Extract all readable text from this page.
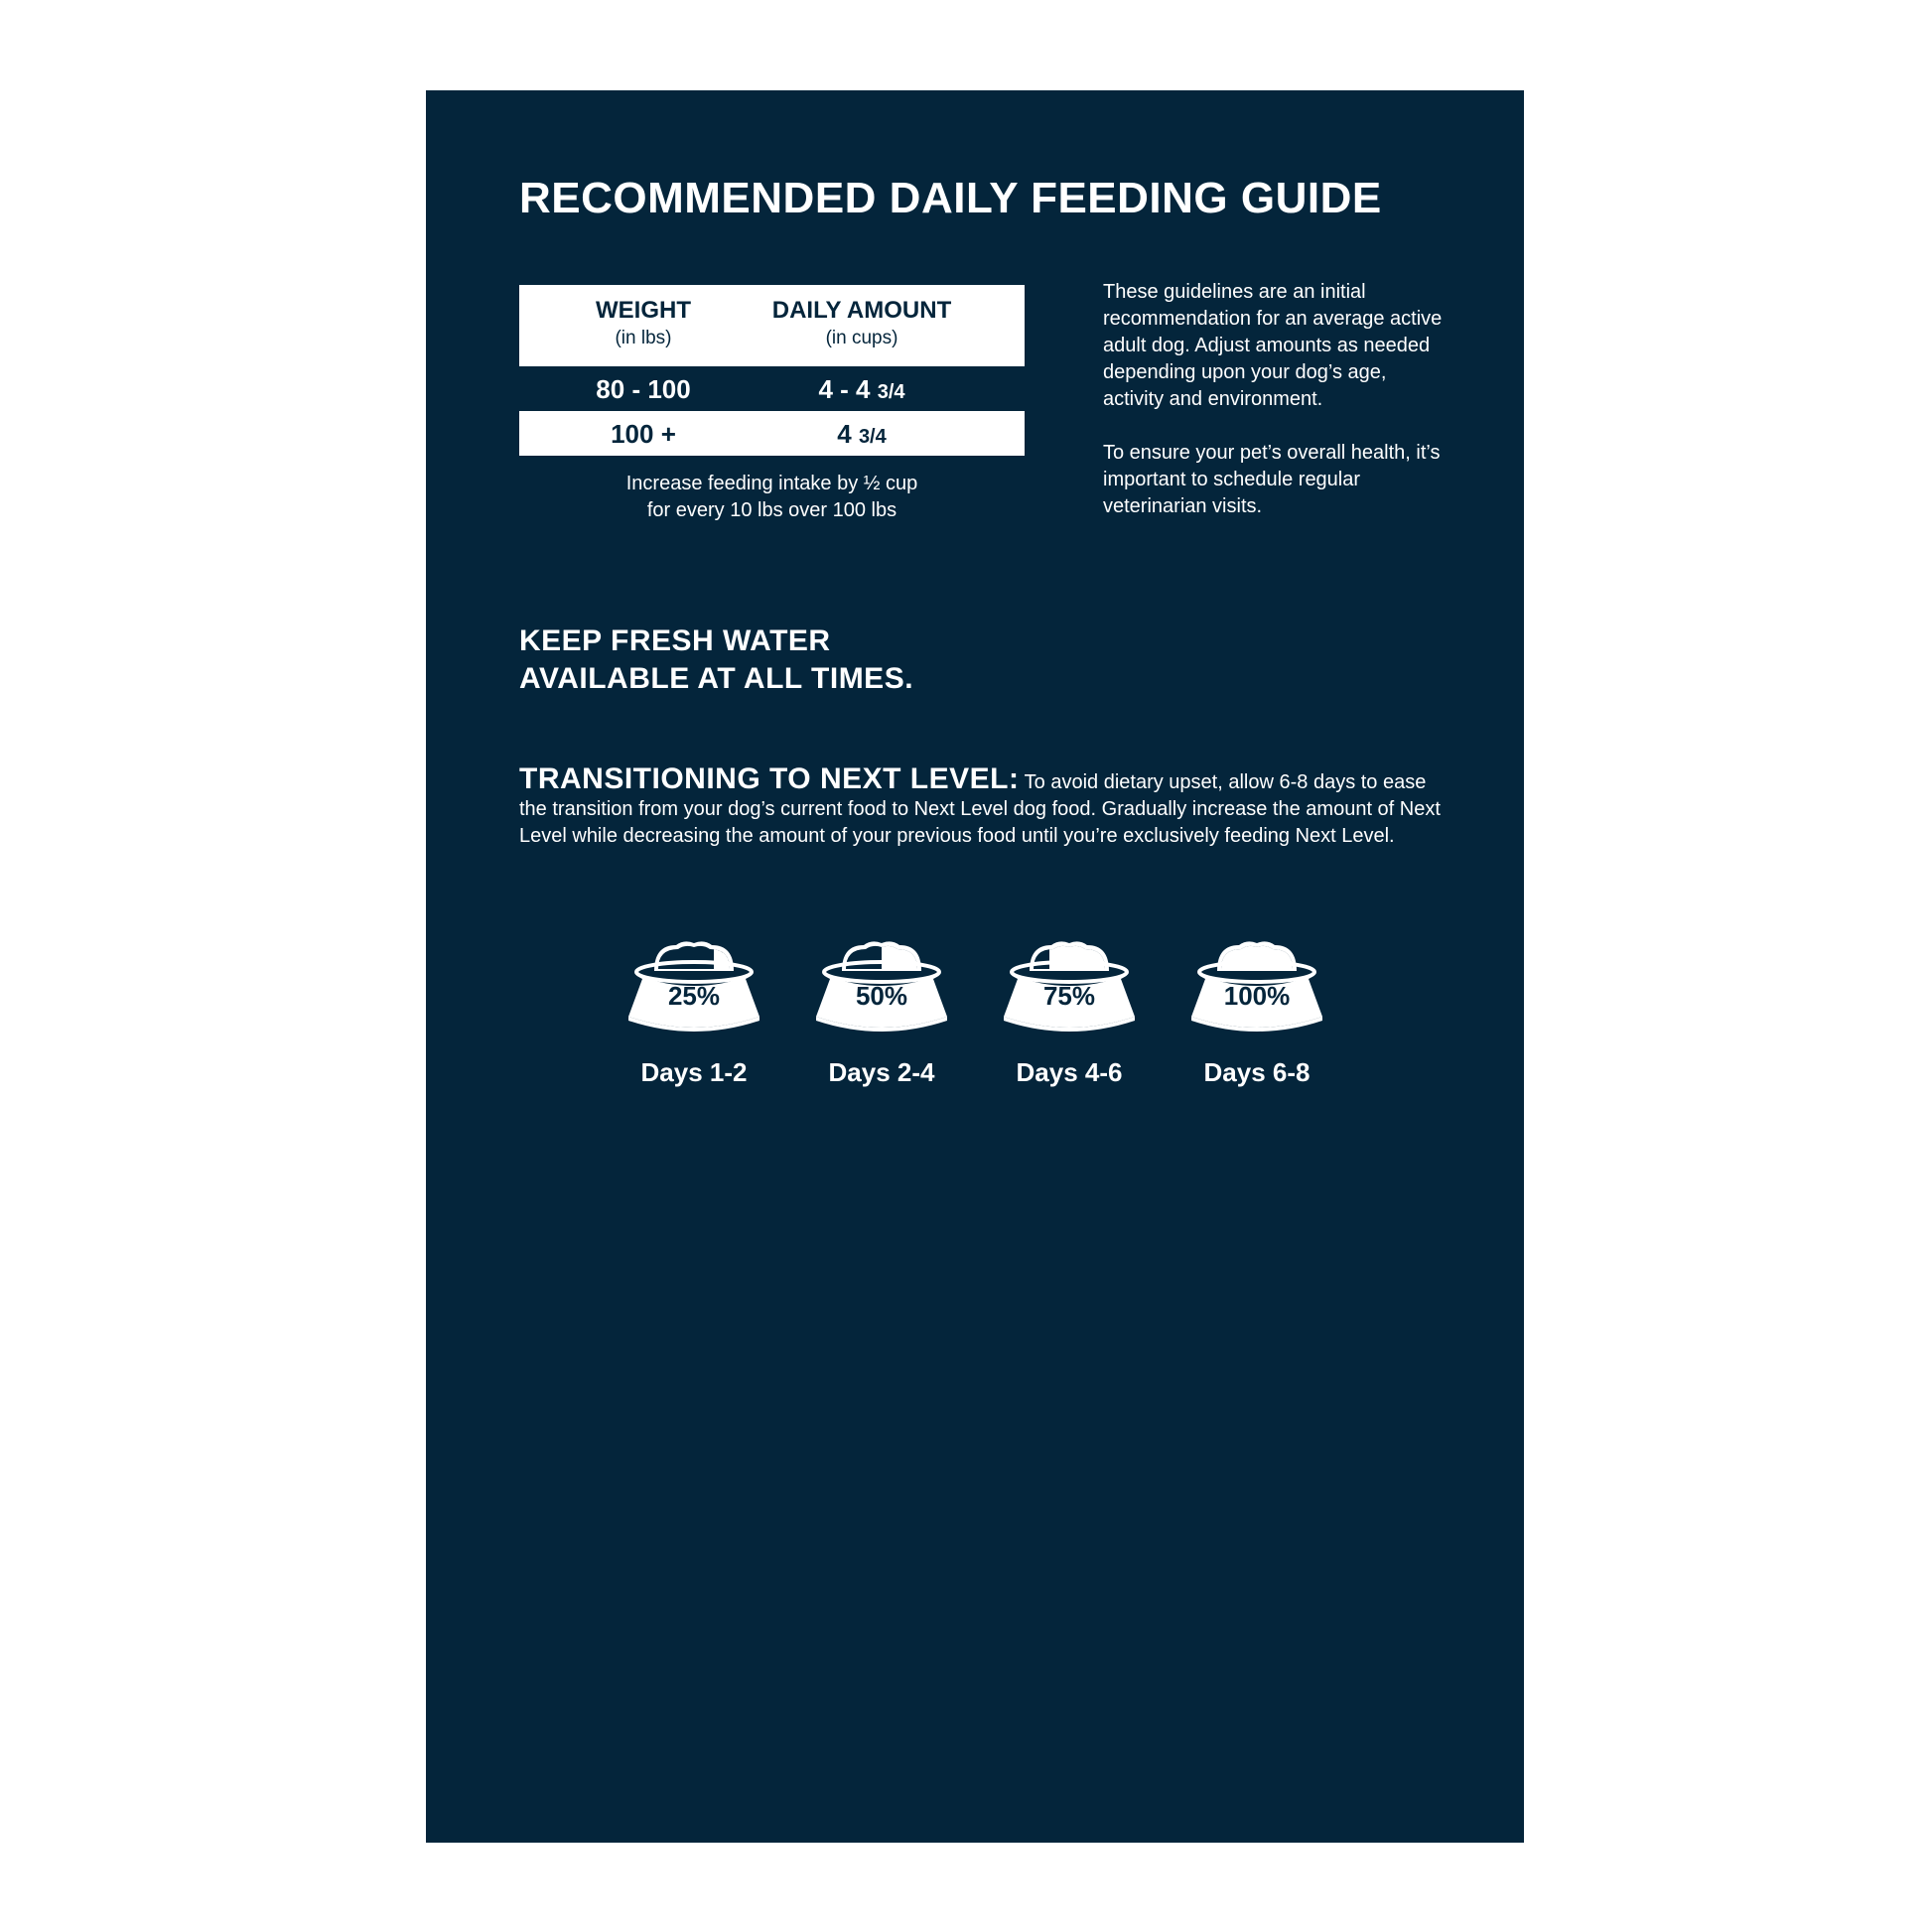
RECOMMENDED DAILY FEEDING GUIDE
WEIGHT
(in lbs)
DAILY AMOUNT
(in cups)
80 - 100	4 - 4 3/4
100 +	4 3/4
Increase feeding intake by ½ cup
for every 10 lbs over 100 lbs

These guidelines are an initial recommendation for an average active adult dog. Adjust amounts as needed depending upon your dog’s age, activity and environment.

To ensure your pet’s overall health, it’s important to schedule regular veterinarian visits.

KEEP FRESH WATER
AVAILABLE AT ALL TIMES.
TRANSITIONING TO NEXT LEVEL: To avoid dietary upset, allow 6-8 days to ease the transition from your dog’s current food to Next Level dog food. Gradually increase the amount of Next Level while decreasing the amount of your previous food until you’re exclusively feeding Next Level.
25%
Days 1-2
50%
Days 2-4
75%
Days 4-6
100%
Days 6-8
